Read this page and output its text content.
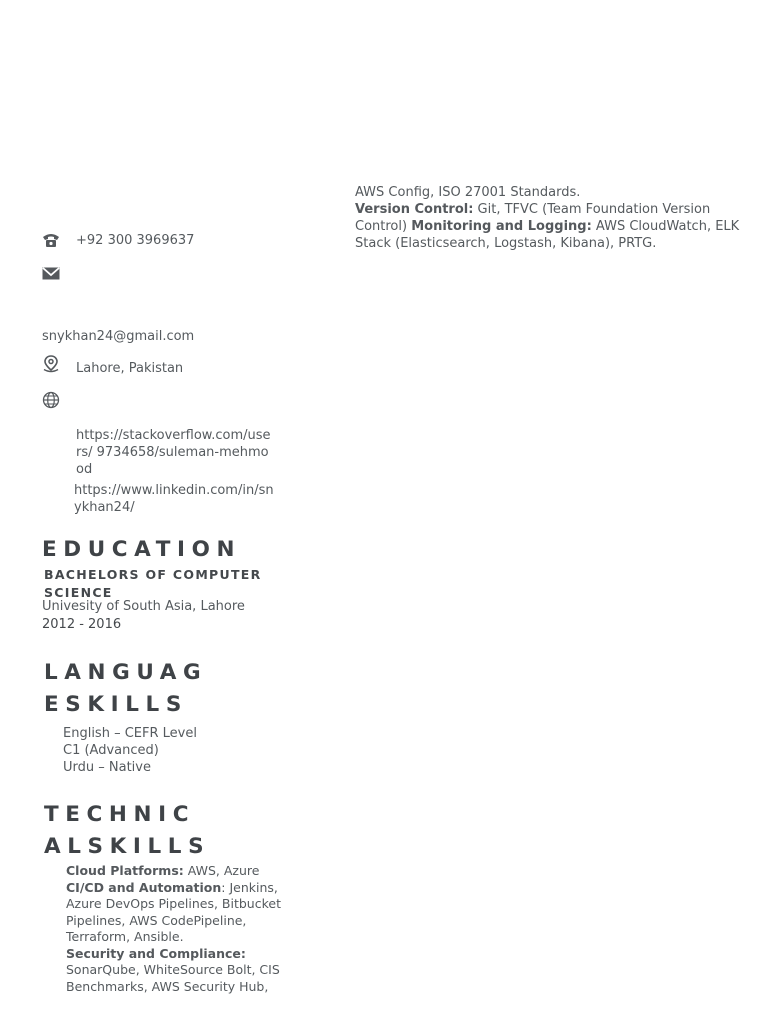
AWS Config, ISO 27001 Standards.
Version Control: Git, TFVC (Team Foundation Version Control) Monitoring and Logging: AWS CloudWatch, ELK Stack (Elasticsearch, Logstash, Kibana), PRTG.
+92 300 3969637
snykhan24@gmail.com
Lahore, Pakistan
https://stackoverflow.com/users/ 9734658/suleman-mehmood
https://www.linkedin.com/in/snykhan24/
EDUCATION
BACHELORS OF COMPUTER SCIENCE
Univesity of South Asia, Lahore
2012 - 2016
LANGUAG
ESKILLS
English – CEFR Level C1 (Advanced)
Urdu – Native
TECHNIC
ALSKILLS
Cloud Platforms: AWS, Azure
CI/CD and Automation: Jenkins, Azure DevOps Pipelines, Bitbucket Pipelines, AWS CodePipeline, Terraform, Ansible.
Security and Compliance:
SonarQube, WhiteSource Bolt, CIS Benchmarks, AWS Security Hub,
